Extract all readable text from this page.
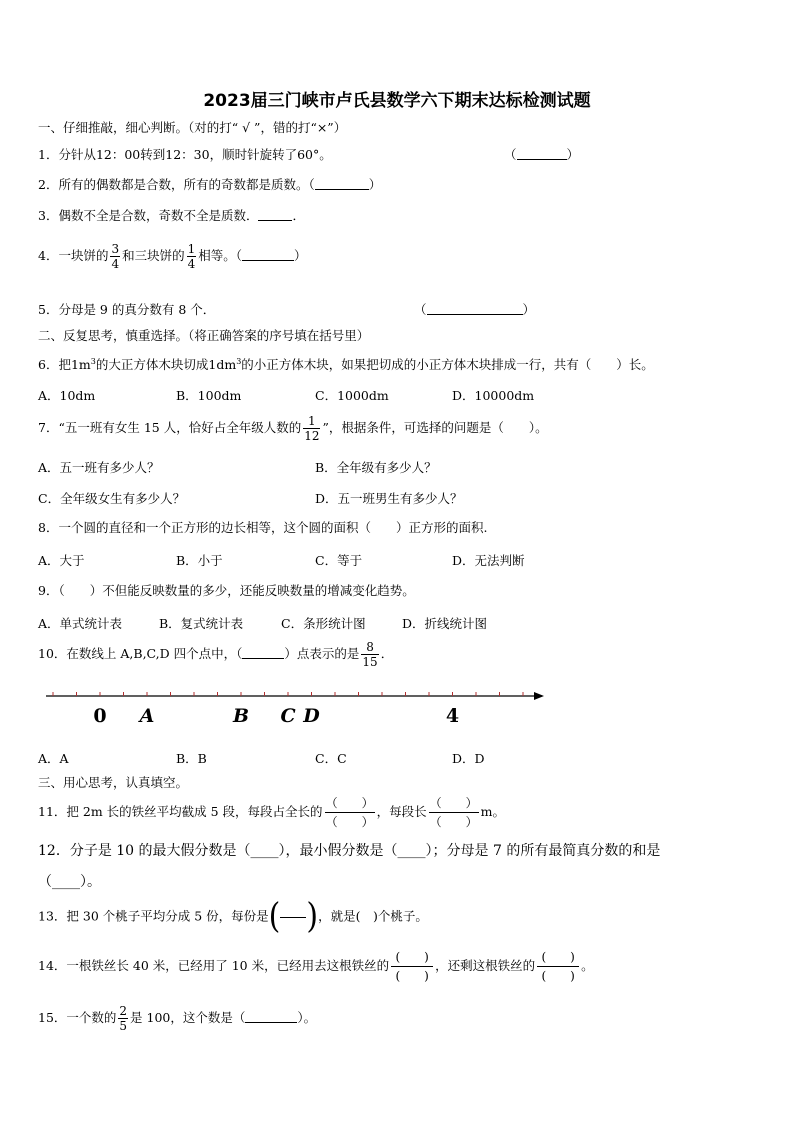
2023届三门峡市卢氏县数学六下期末达标检测试题
一、仔细推敲，细心判断。（对的打“ √ ”，错的打“×”）
1．分针从12：00转到12：30，顺时针旋转了60°。	（	）
2．所有的偶数都是合数，所有的奇数都是质数。（	）
3．偶数不全是合数，奇数不全是质数．	．
4．一块饼的 $\frac{3}{4}$ 和三块饼的 $\frac{1}{4}$ 相等。（	）
5．分母是 9 的真分数有 8 个．	（	）
二、反复思考，慎重选择。（将正确答案的序号填在括号里）
6．把$1m^3$的大正方体木块切成$1dm^3$的小正方体木块，如果把切成的小正方体木块排成一行，共有（　　）长。
A．10dm	B．100dm	C．1000dm	D．10000dm
7．“五一班有女生 15 人，恰好占全年级人数的 $\frac{1}{12}$ ”，根据条件，可选择的问题是（　　）。
A．五一班有多少人？	B．全年级有多少人？
C．全年级女生有多少人？	D．五一班男生有多少人？
8．一个圆的直径和一个正方形的边长相等，这个圆的面积（　　）正方形的面积.
A．大于	B．小于	C．等于	D．无法判断
9．（　　）不但能反映数量的多少，还能反映数量的增减变化趋势。
A．单式统计表	B．复式统计表	C．条形统计图	D．折线统计图
10．在数线上 A,B,C,D 四个点中，（	）点表示的是 $\frac{8}{15}$ ．
0 A	B C D	4
A．A	B．B	C．C	D．D
三、用心思考，认真填空。
11．把 2m 长的铁丝平均截成 5 段，每段占全长的 $\frac{( )}{( )}$ ，每段长 $\frac{( )}{( )}$ m。
12．分子是 10 的最大假分数是（____），最小假分数是（____）；分母是 7 的所有最简真分数的和是
（____）。
13．把 30 个桃子平均分成 5 份，每份是( )，就是(　)个桃子。
14．一根铁丝长 40 米，已经用了 10 米，已经用去这根铁丝的 $\frac{( )}{( )}$ ，还剩这根铁丝的 $\frac{( )}{( )}$ 。
15．一个数的 $\frac{2}{5}$ 是 100，这个数是（	）。
